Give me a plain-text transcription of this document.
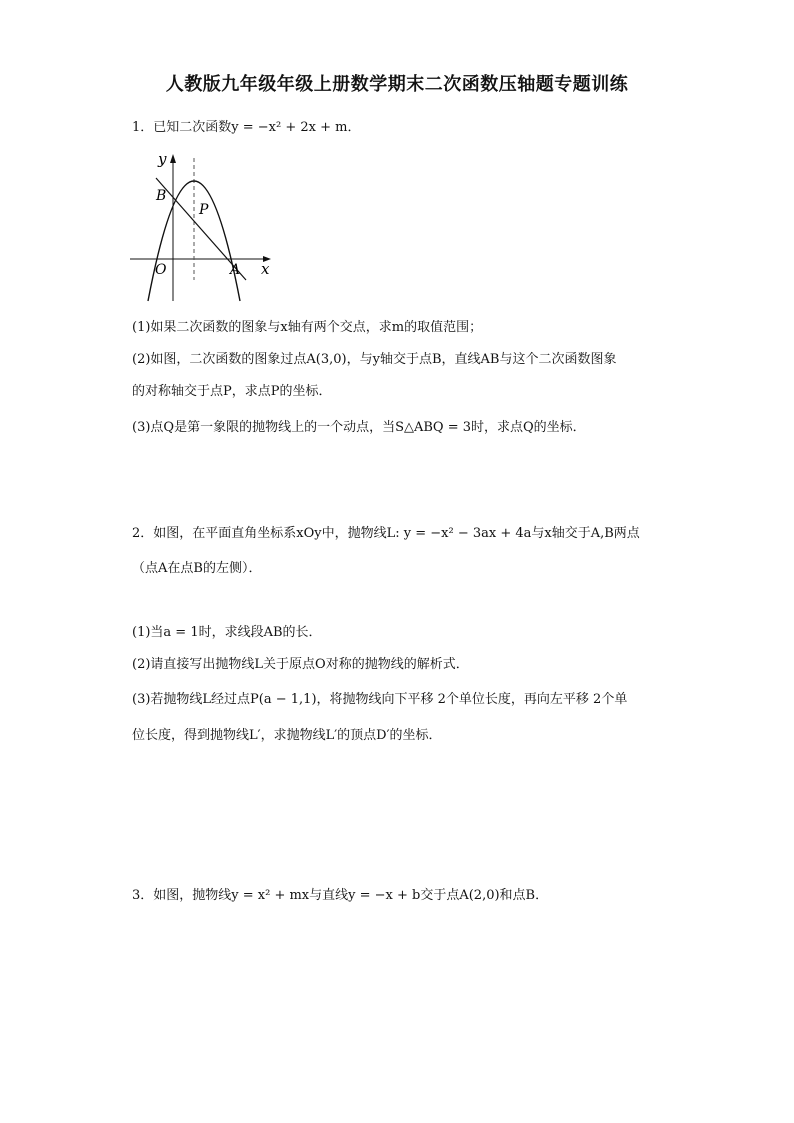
人教版九年级年级上册数学期末二次函数压轴题专题训练
1．已知二次函数y = −x² + 2x + m．
y
x
O	A
B
P
(1)如果二次函数的图象与x轴有两个交点，求m的取值范围；
(2)如图，二次函数的图象过点A(3,0)，与y轴交于点B，直线AB与这个二次函数图象
的对称轴交于点P，求点P的坐标．
(3)点Q是第一象限的抛物线上的一个动点，当S△ABQ = 3时，求点Q的坐标．
2．如图，在平面直角坐标系xOy中，抛物线L: y = −x² − 3ax + 4a与x轴交于A,B两点
（点A在点B的左侧）．
(1)当a = 1时，求线段AB的长．
(2)请直接写出抛物线L关于原点O对称的抛物线的解析式．
(3)若抛物线L经过点P(a − 1,1)，将抛物线向下平移 2个单位长度，再向左平移 2个单
位长度，得到抛物线L′，求抛物线L′的顶点D′的坐标．
3．如图，抛物线y = x² + mx与直线y = −x + b交于点A(2,0)和点B．
